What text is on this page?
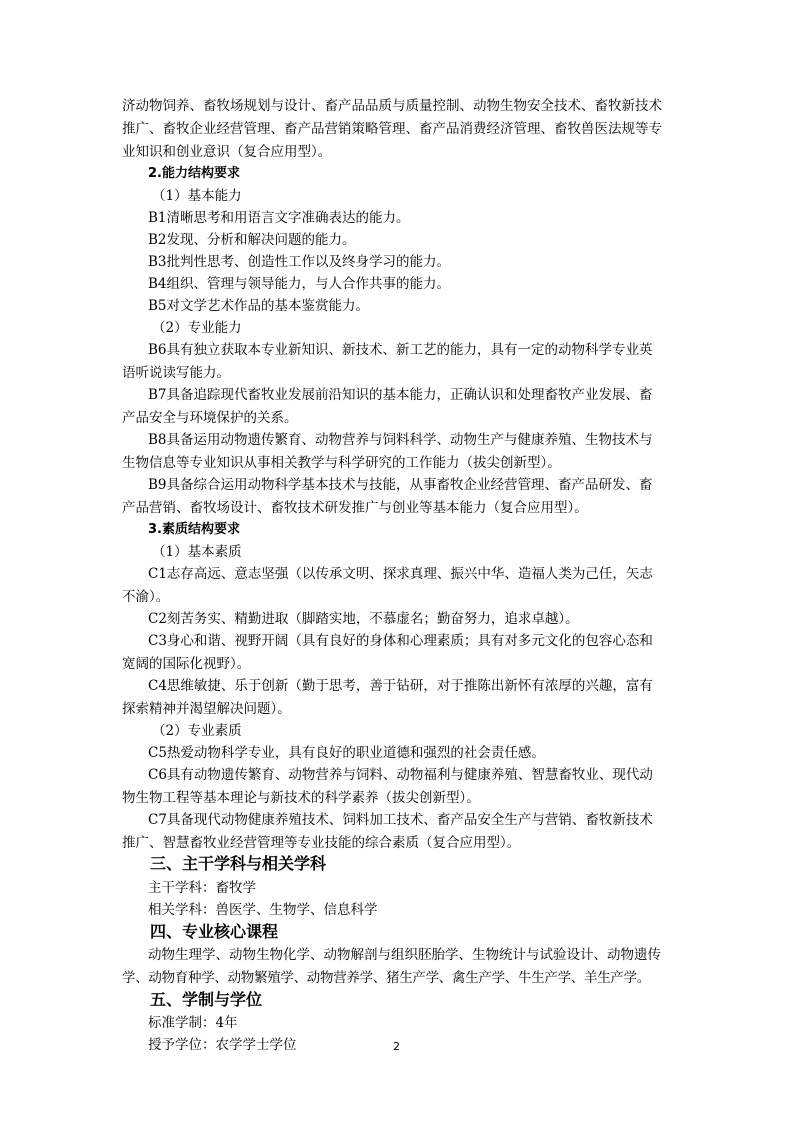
济动物饲养、畜牧场规划与设计、畜产品品质与质量控制、动物生物安全技术、畜牧新技术
推广、畜牧企业经营管理、畜产品营销策略管理、畜产品消费经济管理、畜牧兽医法规等专
业知识和创业意识（复合应用型）。
2.能力结构要求
（1）基本能力
B1清晰思考和用语言文字准确表达的能力。
B2发现、分析和解决问题的能力。
B3批判性思考、创造性工作以及终身学习的能力。
B4组织、管理与领导能力，与人合作共事的能力。
B5对文学艺术作品的基本鉴赏能力。
（2）专业能力
B6具有独立获取本专业新知识、新技术、新工艺的能力，具有一定的动物科学专业英
语听说读写能力。
B7具备追踪现代畜牧业发展前沿知识的基本能力，正确认识和处理畜牧产业发展、畜
产品安全与环境保护的关系。
B8具备运用动物遗传繁育、动物营养与饲料科学、动物生产与健康养殖、生物技术与
生物信息等专业知识从事相关教学与科学研究的工作能力（拔尖创新型）。
B9具备综合运用动物科学基本技术与技能，从事畜牧企业经营管理、畜产品研发、畜
产品营销、畜牧场设计、畜牧技术研发推广与创业等基本能力（复合应用型）。
3.素质结构要求
（1）基本素质
C1志存高远、意志坚强（以传承文明、探求真理、振兴中华、造福人类为己任，矢志
不渝）。
C2刻苦务实、精勤进取（脚踏实地，不慕虚名；勤奋努力，追求卓越）。
C3身心和谐、视野开阔（具有良好的身体和心理素质；具有对多元文化的包容心态和
宽阔的国际化视野）。
C4思维敏捷、乐于创新（勤于思考，善于钻研，对于推陈出新怀有浓厚的兴趣，富有
探索精神并渴望解决问题）。
（2）专业素质
C5热爱动物科学专业，具有良好的职业道德和强烈的社会责任感。
C6具有动物遗传繁育、动物营养与饲料、动物福利与健康养殖、智慧畜牧业、现代动
物生物工程等基本理论与新技术的科学素养（拔尖创新型）。
C7具备现代动物健康养殖技术、饲料加工技术、畜产品安全生产与营销、畜牧新技术
推广、智慧畜牧业经营管理等专业技能的综合素质（复合应用型）。
三、主干学科与相关学科
主干学科：畜牧学
相关学科：兽医学、生物学、信息科学
四、专业核心课程
动物生理学、动物生物化学、动物解剖与组织胚胎学、生物统计与试验设计、动物遗传
学、动物育种学、动物繁殖学、动物营养学、猪生产学、禽生产学、牛生产学、羊生产学。
五、学制与学位
标准学制：4年
授予学位：农学学士学位	2
